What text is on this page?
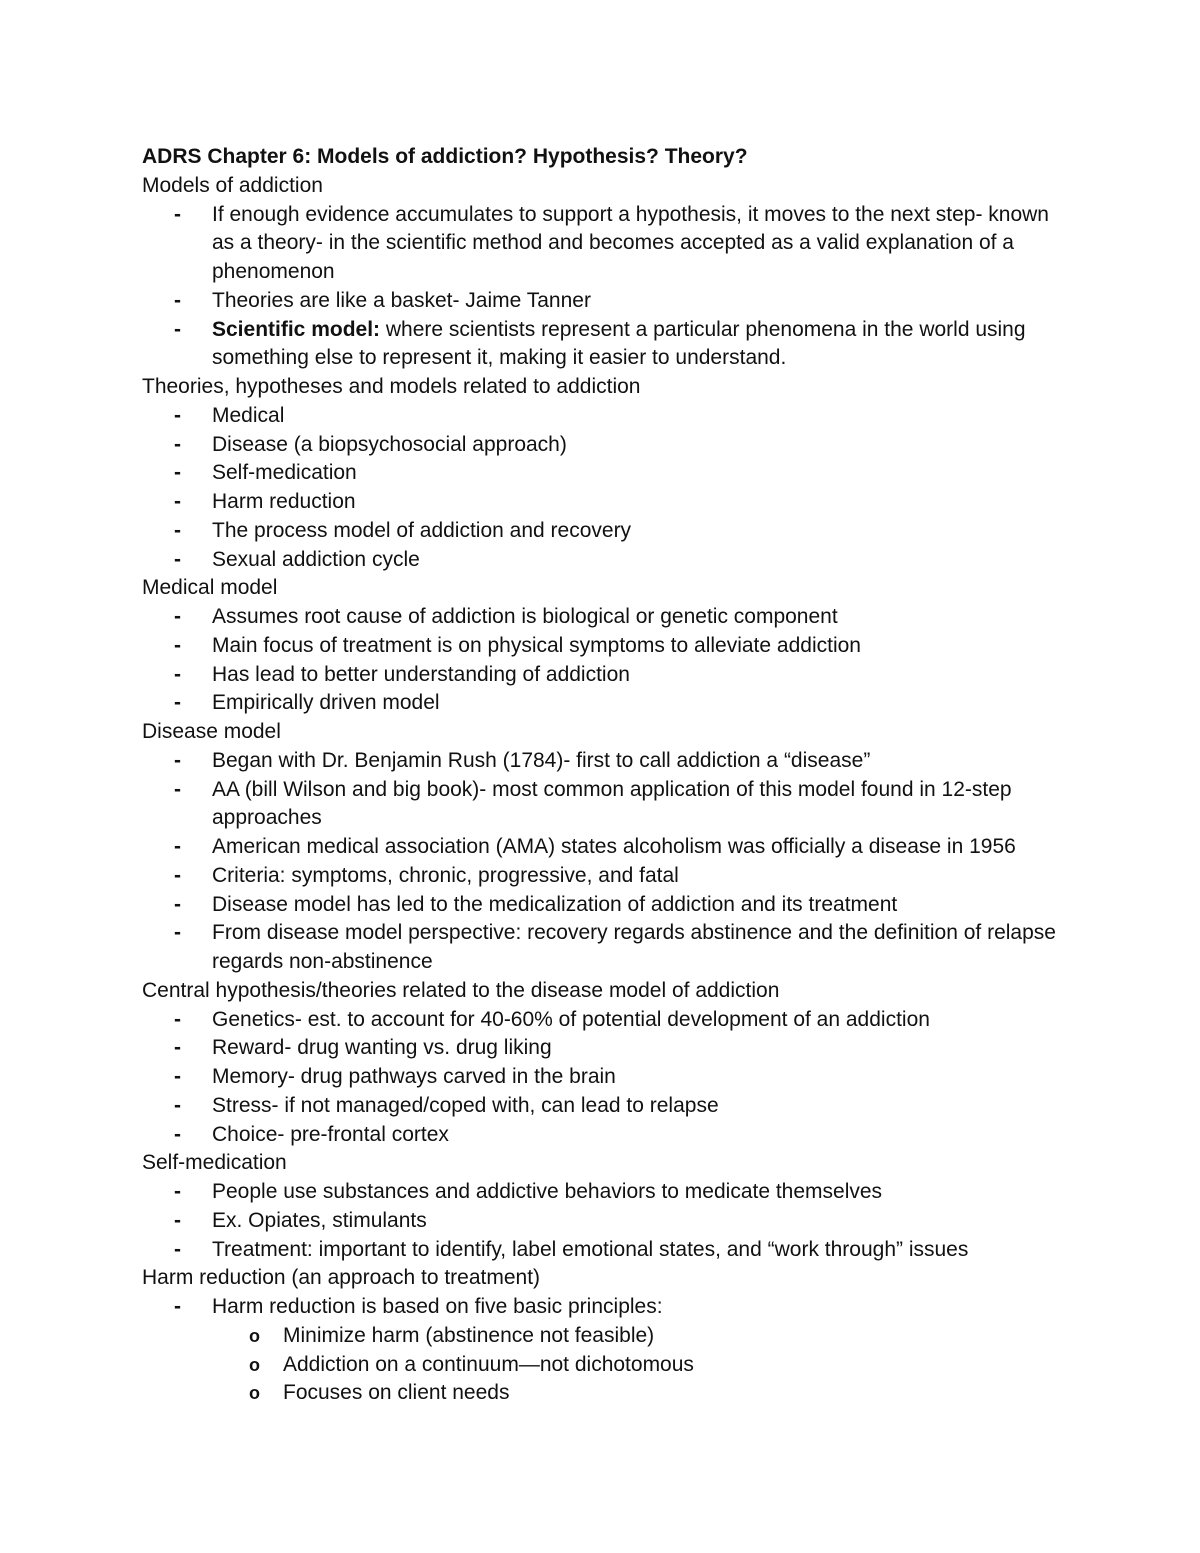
ADRS Chapter 6: Models of addiction? Hypothesis? Theory?
Models of addiction
- If enough evidence accumulates to support a hypothesis, it moves to the next step- known as a theory- in the scientific method and becomes accepted as a valid explanation of a phenomenon
- Theories are like a basket- Jaime Tanner
- Scientific model: where scientists represent a particular phenomena in the world using something else to represent it, making it easier to understand.
Theories, hypotheses and models related to addiction
- Medical
- Disease (a biopsychosocial approach)
- Self-medication
- Harm reduction
- The process model of addiction and recovery
- Sexual addiction cycle
Medical model
- Assumes root cause of addiction is biological or genetic component
- Main focus of treatment is on physical symptoms to alleviate addiction
- Has lead to better understanding of addiction
- Empirically driven model
Disease model
- Began with Dr. Benjamin Rush (1784)- first to call addiction a “disease”
- AA (bill Wilson and big book)- most common application of this model found in 12-step approaches
- American medical association (AMA) states alcoholism was officially a disease in 1956
- Criteria: symptoms, chronic, progressive, and fatal
- Disease model has led to the medicalization of addiction and its treatment
- From disease model perspective: recovery regards abstinence and the definition of relapse regards non-abstinence
Central hypothesis/theories related to the disease model of addiction
- Genetics- est. to account for 40-60% of potential development of an addiction
- Reward- drug wanting vs. drug liking
- Memory- drug pathways carved in the brain
- Stress- if not managed/coped with, can lead to relapse
- Choice- pre-frontal cortex
Self-medication
- People use substances and addictive behaviors to medicate themselves
- Ex. Opiates, stimulants
- Treatment: important to identify, label emotional states, and “work through” issues
Harm reduction (an approach to treatment)
- Harm reduction is based on five basic principles:
o Minimize harm (abstinence not feasible)
o Addiction on a continuum—not dichotomous
o Focuses on client needs
